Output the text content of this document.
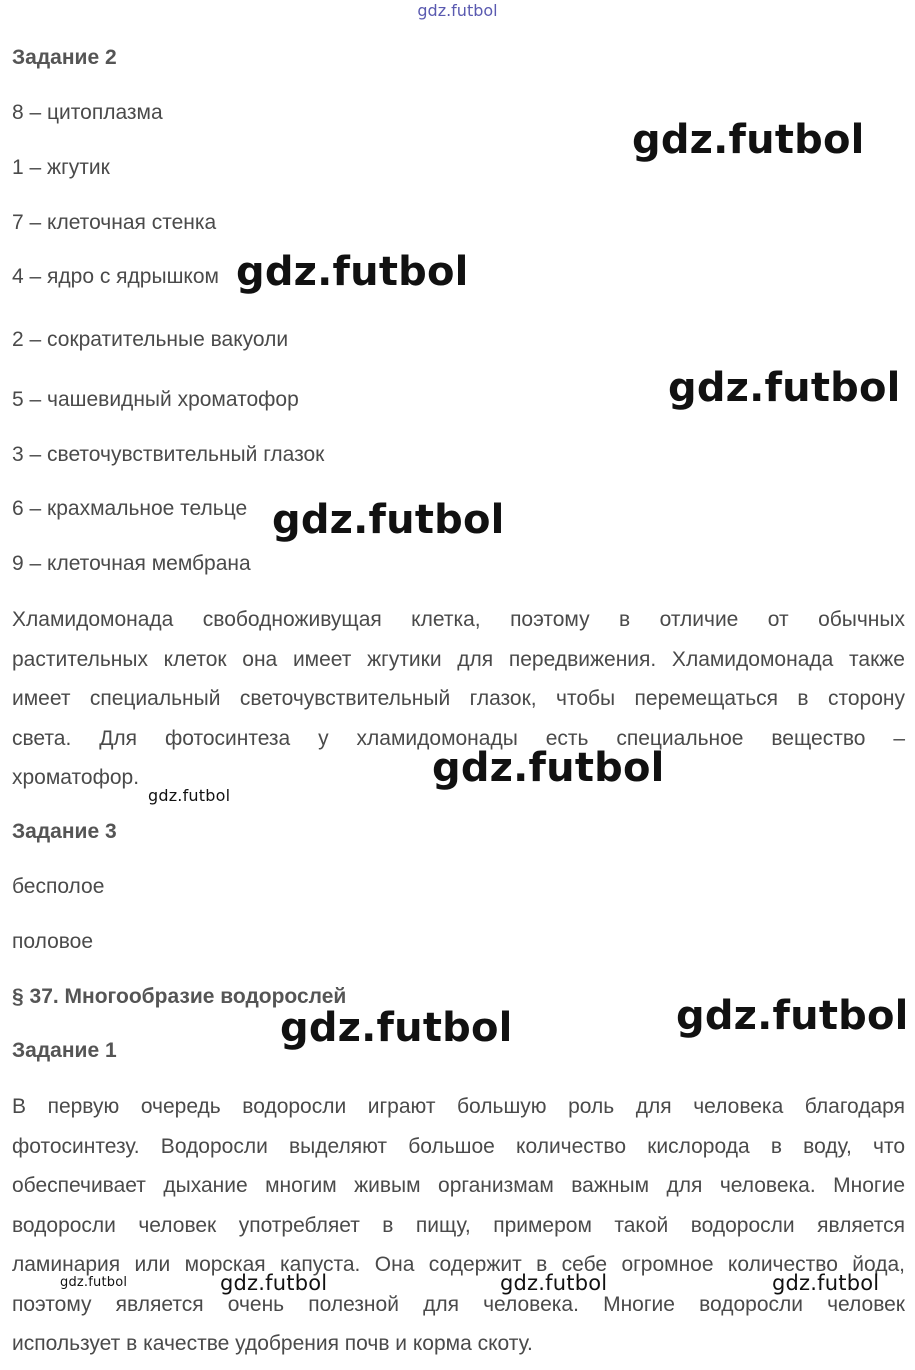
gdz.futbol
Задание 2
8 – цитоплазма
1 – жгутик
7 – клеточная стенка
4 – ядро с ядрышком
2 – сократительные вакуоли
5 – чашевидный хроматофор
3 – светочувствительный глазок
6 – крахмальное тельце
9 – клеточная мембрана
Хламидомонада свободноживущая клетка, поэтому в отличие от обычных
растительных клеток она имеет жгутики для передвижения. Хламидомонада также
имеет специальный светочувствительный глазок, чтобы перемещаться в сторону
света. Для фотосинтеза у хламидомонады есть специальное вещество –
хроматофор.
Задание 3
бесполое
половое
§ 37. Многообразие водорослей
Задание 1
В первую очередь водоросли играют большую роль для человека благодаря
фотосинтезу. Водоросли выделяют большое количество кислорода в воду, что
обеспечивает дыхание многим живым организмам важным для человека. Многие
водоросли человек употребляет в пищу, примером такой водоросли является
ламинария или морская капуста. Она содержит в себе огромное количество йода,
поэтому является очень полезной для человека. Многие водоросли человек
использует в качестве удобрения почв и корма скоту.
gdz.futbol
gdz.futbol
gdz.futbol
gdz.futbol
gdz.futbol
gdz.futbol
gdz.futbol
gdz.futbol
gdz.futbol	gdz.futbol	gdz.futbol	gdz.futbol
